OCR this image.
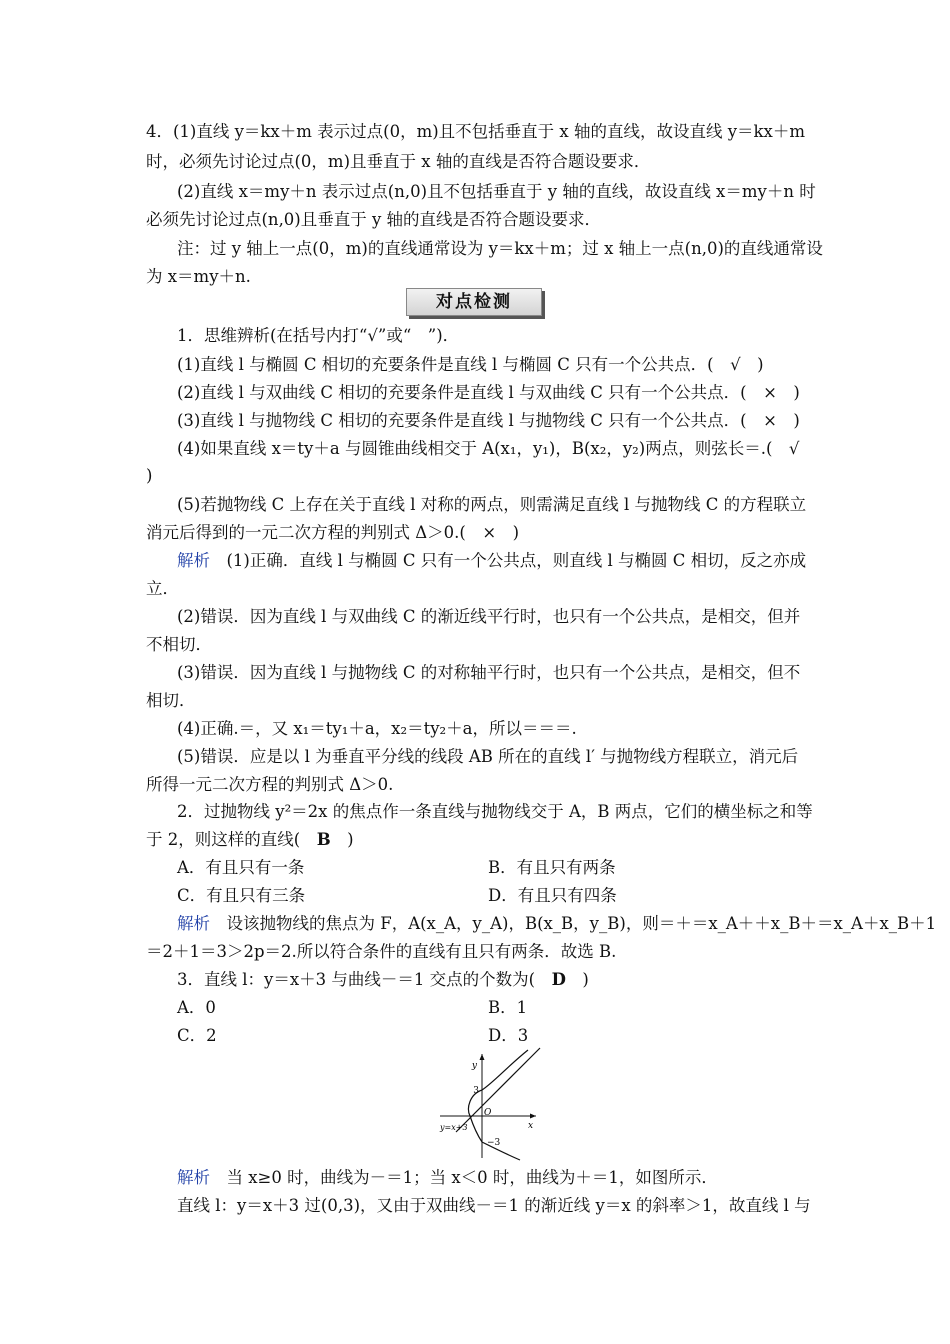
4．(1)直线 y＝kx＋m 表示过点(0，m)且不包括垂直于 x 轴的直线，故设直线 y＝kx＋m
时，必须先讨论过点(0，m)且垂直于 x 轴的直线是否符合题设要求．
(2)直线 x＝my＋n 表示过点(n,0)且不包括垂直于 y 轴的直线，故设直线 x＝my＋n 时
必须先讨论过点(n,0)且垂直于 y 轴的直线是否符合题设要求．
注：过 y 轴上一点(0，m)的直线通常设为 y＝kx＋m；过 x 轴上一点(n,0)的直线通常设
为 x＝my＋n.
对点检测
1．思维辨析(在括号内打“√”或“　”)．
(1)直线 l 与椭圆 C 相切的充要条件是直线 l 与椭圆 C 只有一个公共点．(　√　)
(2)直线 l 与双曲线 C 相切的充要条件是直线 l 与双曲线 C 只有一个公共点．(　×　)
(3)直线 l 与抛物线 C 相切的充要条件是直线 l 与抛物线 C 只有一个公共点．(　×　)
(4)如果直线 x＝ty＋a 与圆锥曲线相交于 A(x₁，y₁)，B(x₂，y₂)两点，则弦长＝.(　√
)
(5)若抛物线 C 上存在关于直线 l 对称的两点，则需满足直线 l 与抛物线 C 的方程联立
消元后得到的一元二次方程的判别式 Δ＞0.(　×　)
解析　(1)正确．直线 l 与椭圆 C 只有一个公共点，则直线 l 与椭圆 C 相切，反之亦成
立．
(2)错误．因为直线 l 与双曲线 C 的渐近线平行时，也只有一个公共点，是相交，但并
不相切．
(3)错误．因为直线 l 与抛物线 C 的对称轴平行时，也只有一个公共点，是相交，但不
相切．
(4)正确.＝，又 x₁＝ty₁＋a，x₂＝ty₂＋a，所以＝＝＝.
(5)错误．应是以 l 为垂直平分线的线段 AB 所在的直线 l′ 与抛物线方程联立，消元后
所得一元二次方程的判别式 Δ＞0.
2．过抛物线 y²＝2x 的焦点作一条直线与抛物线交于 A，B 两点，它们的横坐标之和等
于 2，则这样的直线(　B　)
A．有且只有一条	B．有且只有两条
C．有且只有三条	D．有且只有四条
解析　设该抛物线的焦点为 F，A(x_A，y_A)，B(x_B，y_B)，则＝＋＝x_A＋＋x_B＋＝x_A＋x_B＋1
＝2＋1＝3＞2p＝2.所以符合条件的直线有且只有两条．故选 B.
3．直线 l：y＝x＋3 与曲线－＝1 交点的个数为(　D　)
A．0	B．1
C．2	D．3
y
x
3
O
−3
y=x+3
解析　当 x≥0 时，曲线为－＝1；当 x＜0 时，曲线为＋＝1，如图所示．
直线 l：y＝x＋3 过(0,3)，又由于双曲线－＝1 的渐近线 y＝x 的斜率＞1，故直线 l 与
